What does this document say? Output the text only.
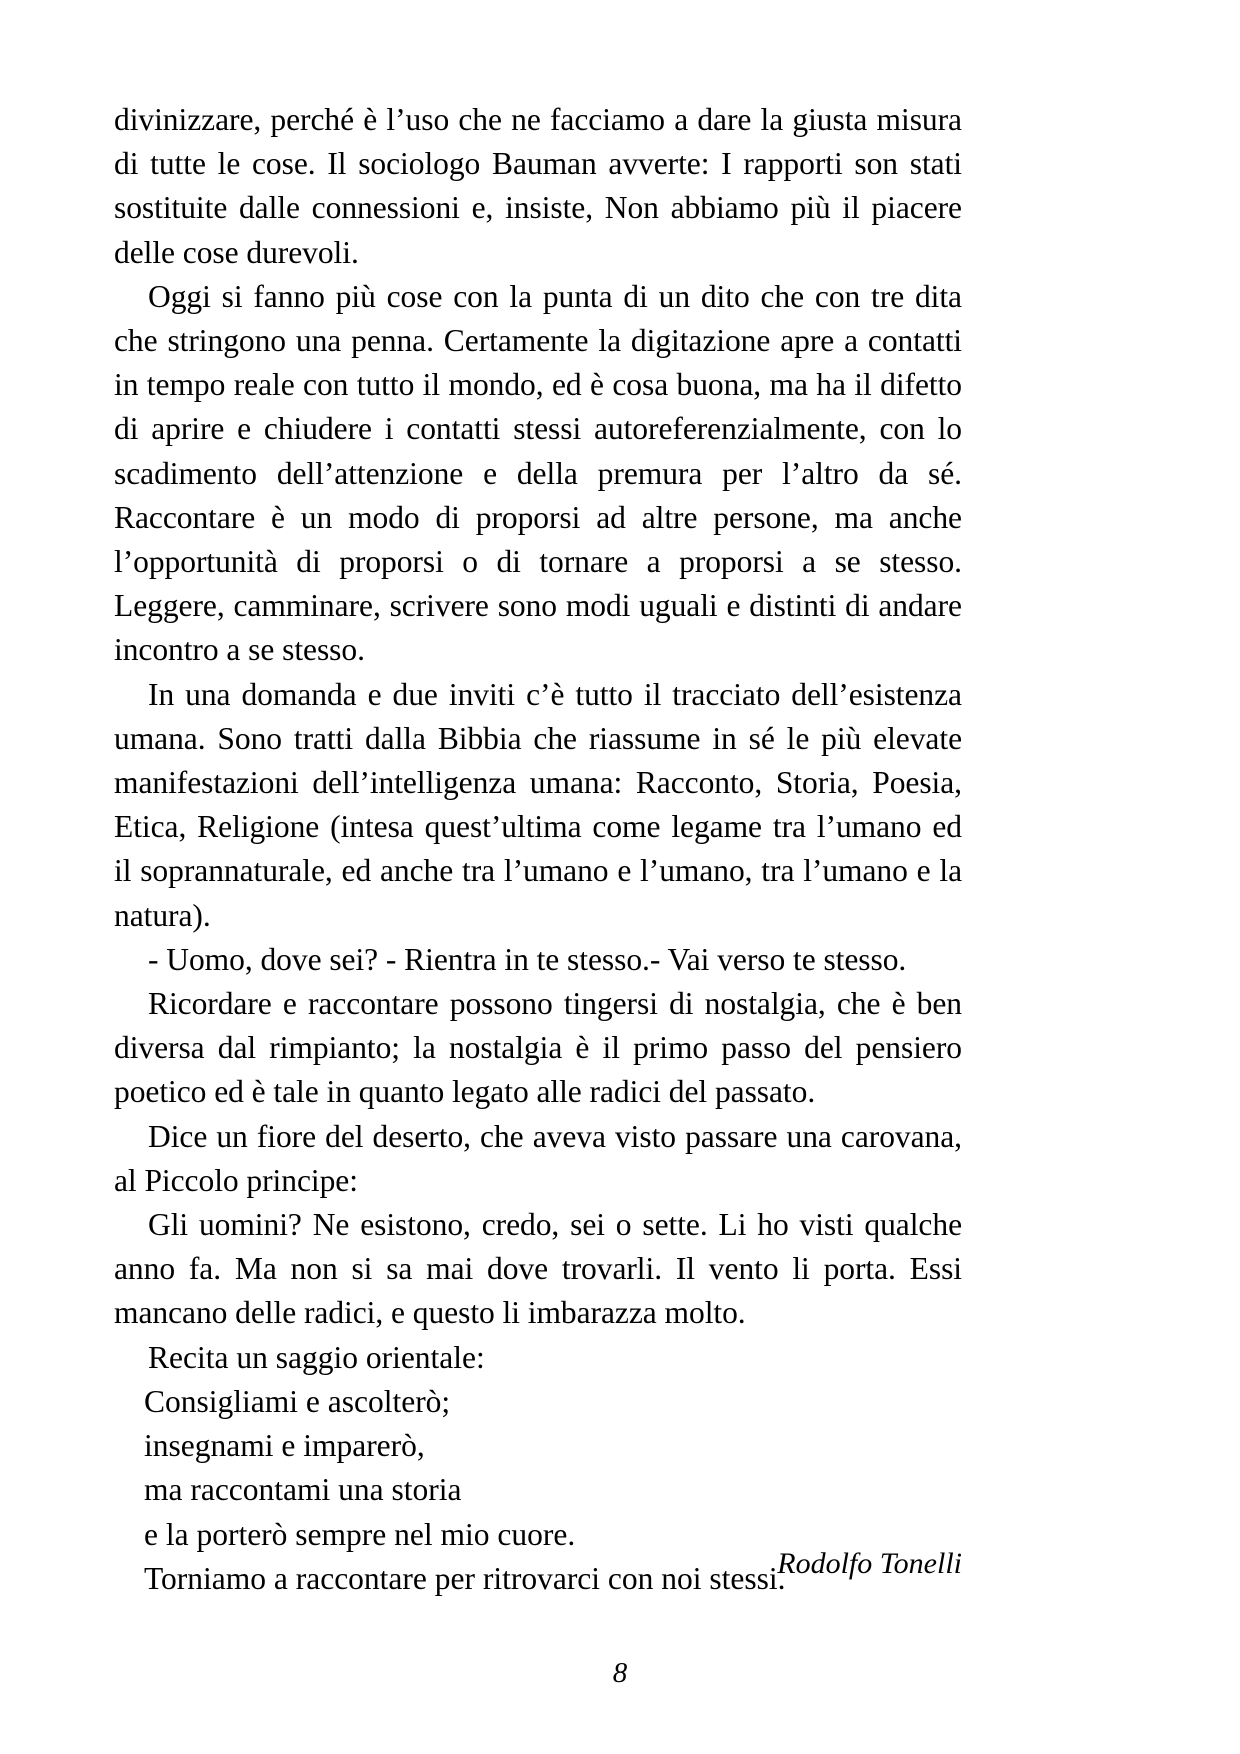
divinizzare, perché è l’uso che ne facciamo a dare la giusta misura di tutte le cose. Il sociologo Bauman avverte: I rapporti son stati sostituite dalle connessioni e, insiste, Non abbiamo più il piacere delle cose durevoli.

Oggi si fanno più cose con la punta di un dito che con tre dita che stringono una penna. Certamente la digitazione apre a contatti in tempo reale con tutto il mondo, ed è cosa buona, ma ha il difetto di aprire e chiudere i contatti stessi autoreferenzialmente, con lo scadimento dell’attenzione e della premura per l’altro da sé. Raccontare è un modo di proporsi ad altre persone, ma anche l’opportunità di proporsi o di tornare a proporsi a se stesso. Leggere, camminare, scrivere sono modi uguali e distinti di andare incontro a se stesso.

In una domanda e due inviti c’è tutto il tracciato dell’esistenza umana. Sono tratti dalla Bibbia che riassume in sé le più elevate manifestazioni dell’intelligenza umana: Racconto, Storia, Poesia, Etica, Religione (intesa quest’ultima come legame tra l’umano ed il soprannaturale, ed anche tra l’umano e l’umano, tra l’umano e la natura).

- Uomo, dove sei? - Rientra in te stesso.- Vai verso te stesso.

Ricordare e raccontare possono tingersi di nostalgia, che è ben diversa dal rimpianto; la nostalgia è il primo passo del pensiero poetico ed è tale in quanto legato alle radici del passato.

Dice un fiore del deserto, che aveva visto passare una carovana, al Piccolo principe:

Gli uomini? Ne esistono, credo, sei o sette. Li ho visti qualche anno fa. Ma non si sa mai dove trovarli. Il vento li porta. Essi mancano delle radici, e questo li imbarazza molto.

Recita un saggio orientale:

Consigliami e ascolterò;

insegnami e imparerò,

ma raccontami una storia

e la porterò sempre nel mio cuore.

Torniamo a raccontare per ritrovarci con noi stessi.

Rodolfo Tonelli
8
